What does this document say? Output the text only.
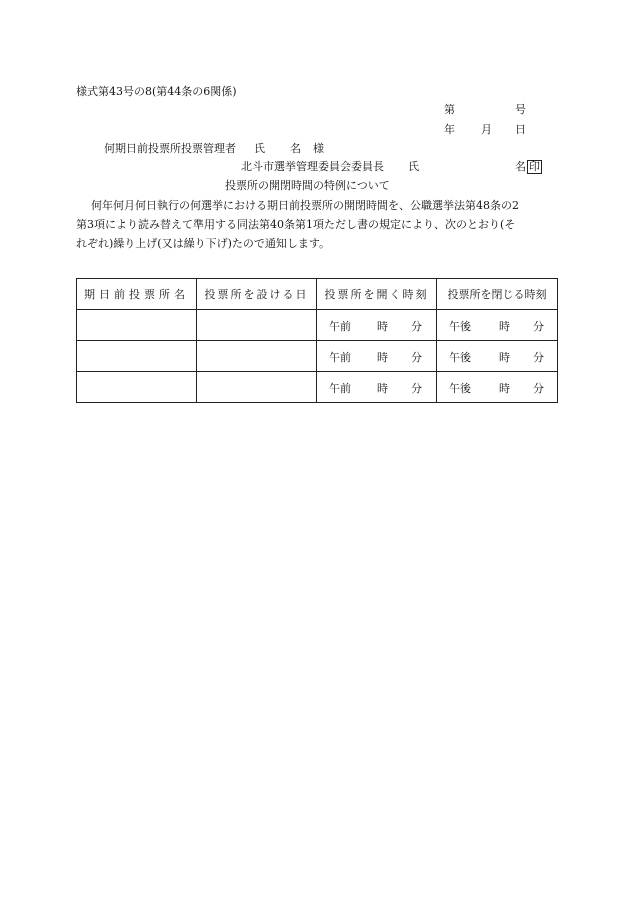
様式第43号の8(第44条の6関係)
第	号
年 月 日
何期日前投票所投票管理者 氏 名 様
北斗市選挙管理委員会委員長 氏	名 印
投票所の開閉時間の特例について
何年何月何日執行の何選挙における期日前投票所の開閉時間を、公職選挙法第48条の2
第3項により読み替えて準用する同法第40条第1項ただし書の規定により、次のとおり(そ
れぞれ)繰り上げ(又は繰り下げ)たので通知します。
期日前投票所名	投票所を設ける日	投票所を開く時刻	投票所を閉じる時刻

		午前 時 分	午後 時 分

		午前 時 分	午後 時 分

		午前 時 分	午後 時 分
